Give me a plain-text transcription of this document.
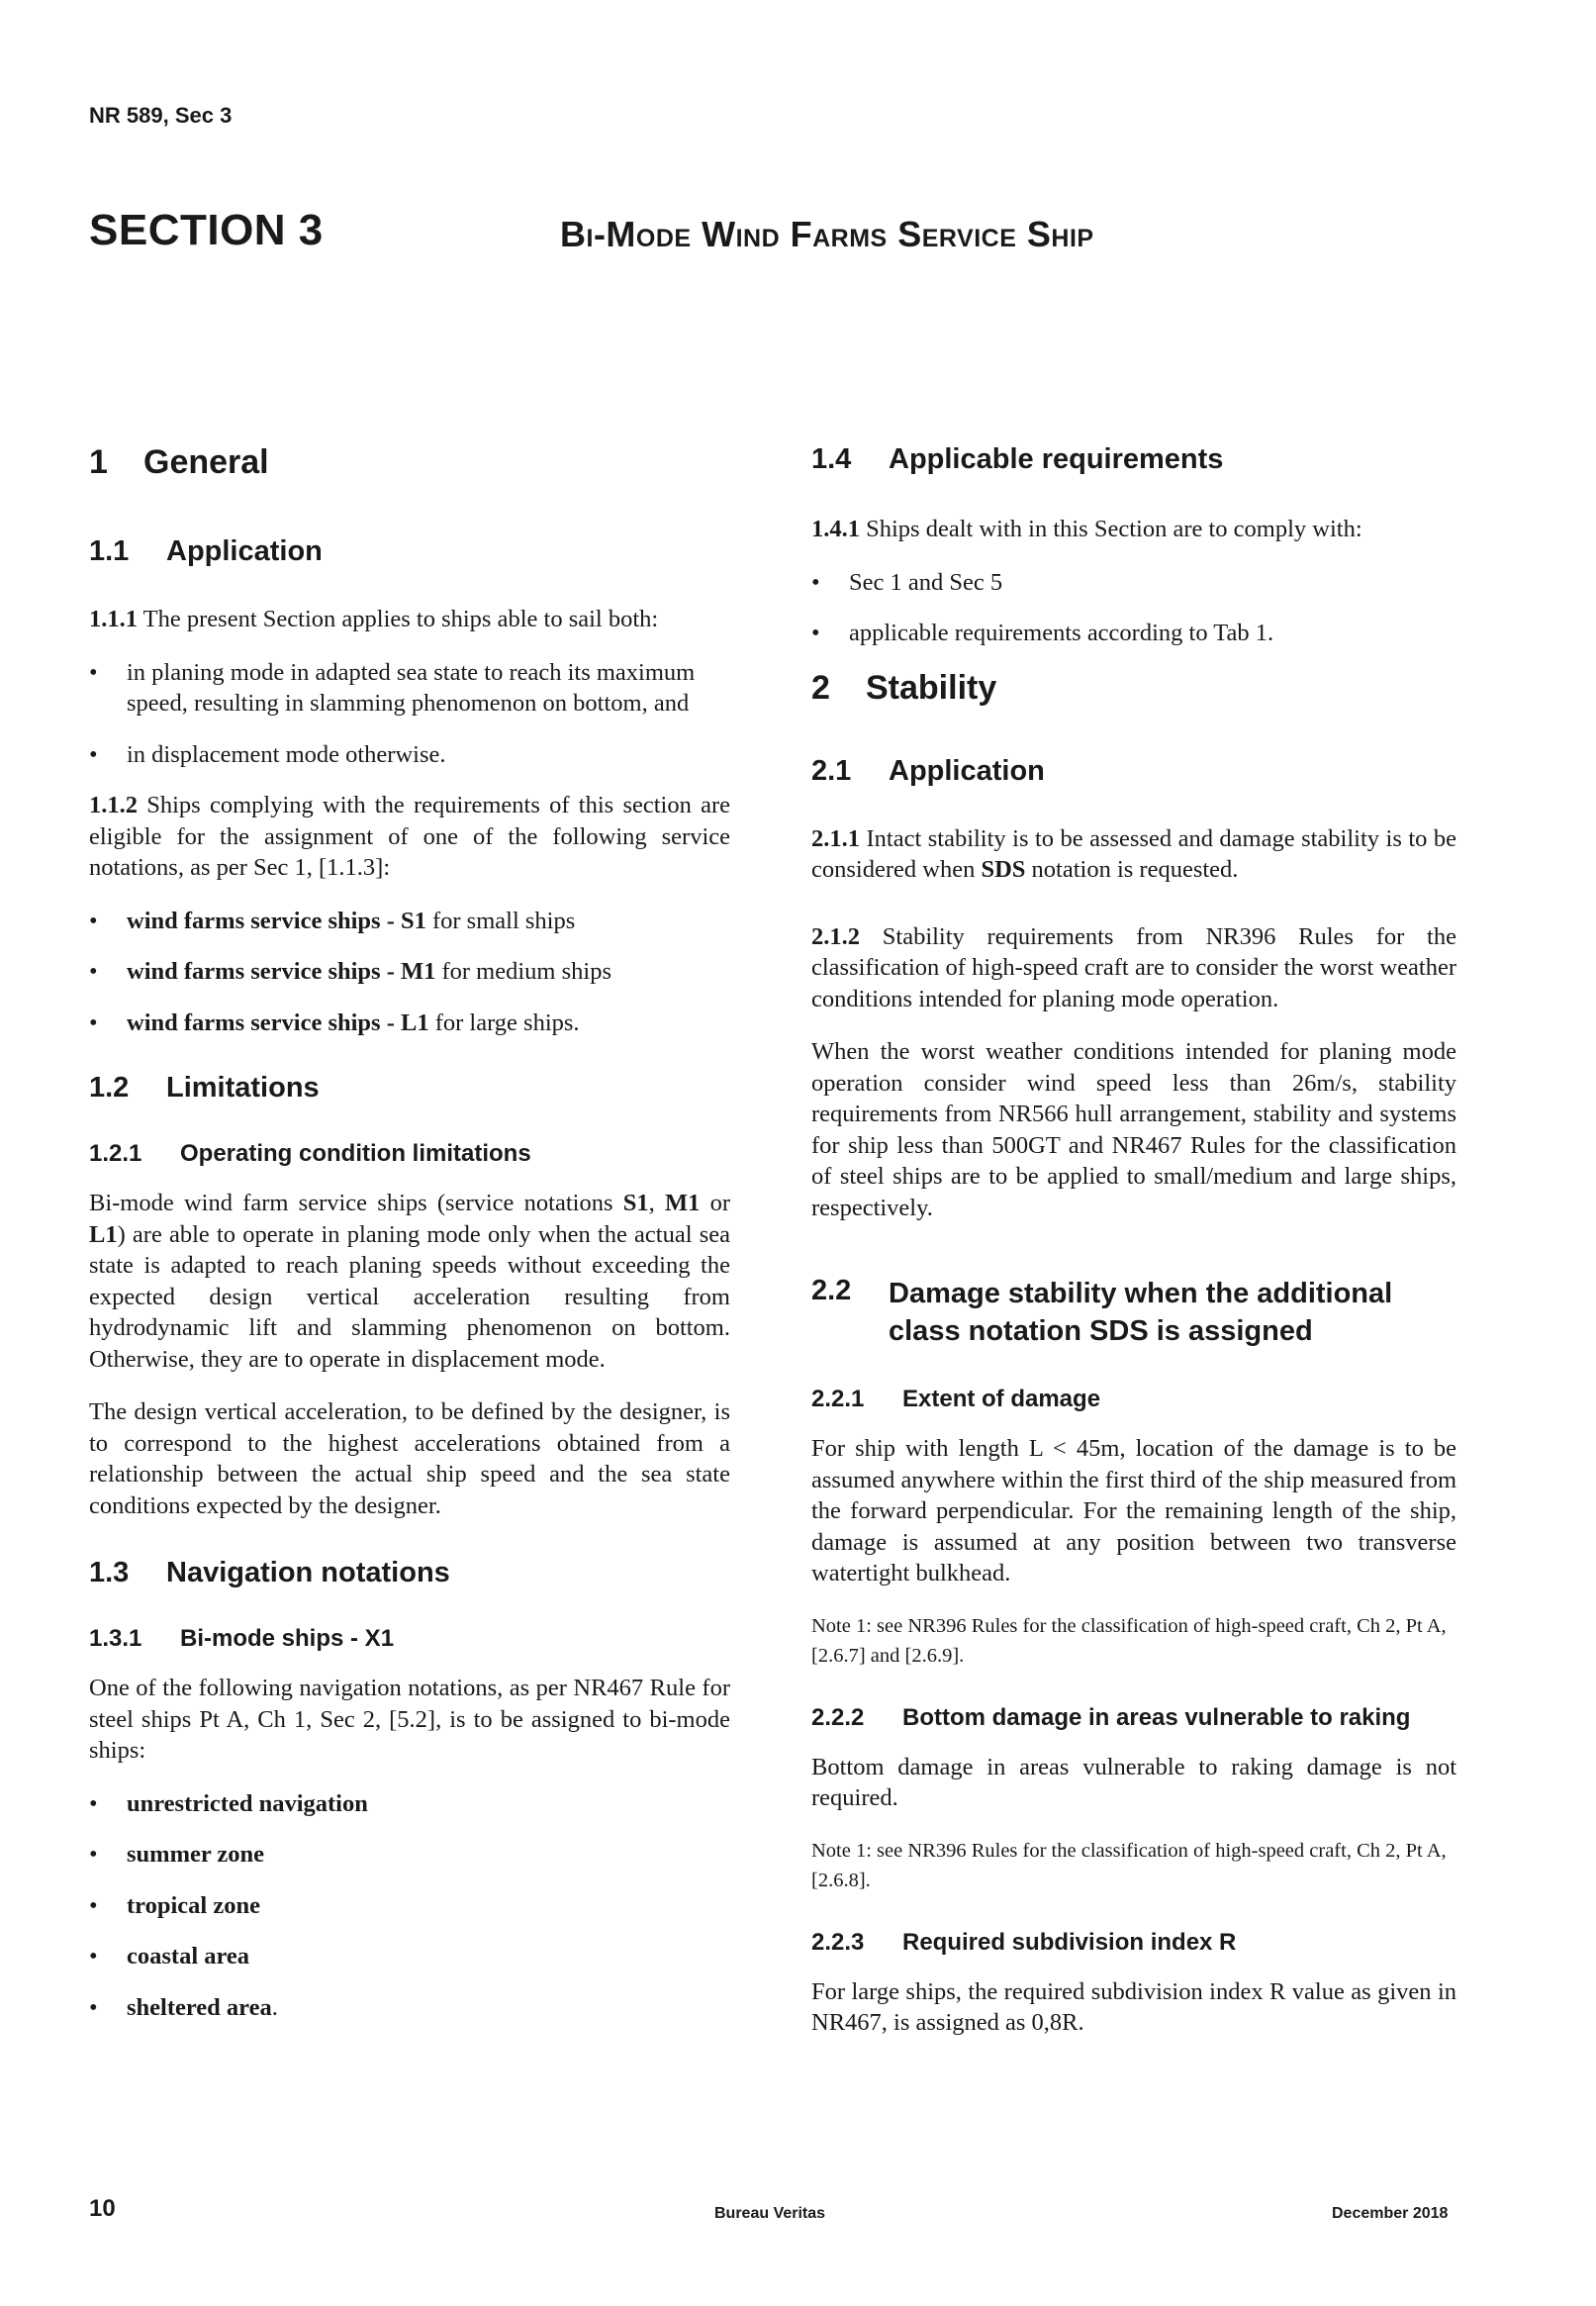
NR 589, Sec 3
SECTION 3	Bi-Mode Wind Farms Service Ship
1	General
1.1	Application

1.1.1 The present Section applies to ships able to sail both:

• in planing mode in adapted sea state to reach its maximum speed, resulting in slamming phenomenon on bottom, and
• in displacement mode otherwise.

1.1.2 Ships complying with the requirements of this section are eligible for the assignment of one of the following service notations, as per Sec 1, [1.1.3]:

• wind farms service ships - S1 for small ships
• wind farms service ships - M1 for medium ships
• wind farms service ships - L1 for large ships.
1.2	Limitations
1.2.1	Operating condition limitations

Bi-mode wind farm service ships (service notations S1, M1 or L1) are able to operate in planing mode only when the actual sea state is adapted to reach planing speeds without exceeding the expected design vertical acceleration resulting from hydrodynamic lift and slamming phenomenon on bottom. Otherwise, they are to operate in displacement mode.

The design vertical acceleration, to be defined by the designer, is to correspond to the highest accelerations obtained from a relationship between the actual ship speed and the sea state conditions expected by the designer.

1.3	Navigation notations
1.3.1	Bi-mode ships - X1

One of the following navigation notations, as per NR467 Rule for steel ships Pt A, Ch 1, Sec 2, [5.2], is to be assigned to bi-mode ships:

• unrestricted navigation
• summer zone
• tropical zone
• coastal area
• sheltered area.
1.4	Applicable requirements

1.4.1 Ships dealt with in this Section are to comply with:

• Sec 1 and Sec 5
• applicable requirements according to Tab 1.
2	Stability
2.1	Application

2.1.1 Intact stability is to be assessed and damage stability is to be considered when SDS notation is requested.

2.1.2 Stability requirements from NR396 Rules for the classification of high-speed craft are to consider the worst weather conditions intended for planing mode operation.

When the worst weather conditions intended for planing mode operation consider wind speed less than 26m/s, stability requirements from NR566 hull arrangement, stability and systems for ship less than 500GT and NR467 Rules for the classification of steel ships are to be applied to small/medium and large ships, respectively.

2.2	Damage stability when the additional class notation SDS is assigned
2.2.1	Extent of damage

For ship with length L < 45m, location of the damage is to be assumed anywhere within the first third of the ship measured from the forward perpendicular. For the remaining length of the ship, damage is assumed at any position between two transverse watertight bulkhead.

Note 1: see NR396 Rules for the classification of high-speed craft, Ch 2, Pt A, [2.6.7] and [2.6.9].

2.2.2	Bottom damage in areas vulnerable to raking

Bottom damage in areas vulnerable to raking damage is not required.

Note 1: see NR396 Rules for the classification of high-speed craft, Ch 2, Pt A, [2.6.8].

2.2.3	Required subdivision index R

For large ships, the required subdivision index R value as given in NR467, is assigned as 0,8R.

10	Bureau Veritas	December 2018
